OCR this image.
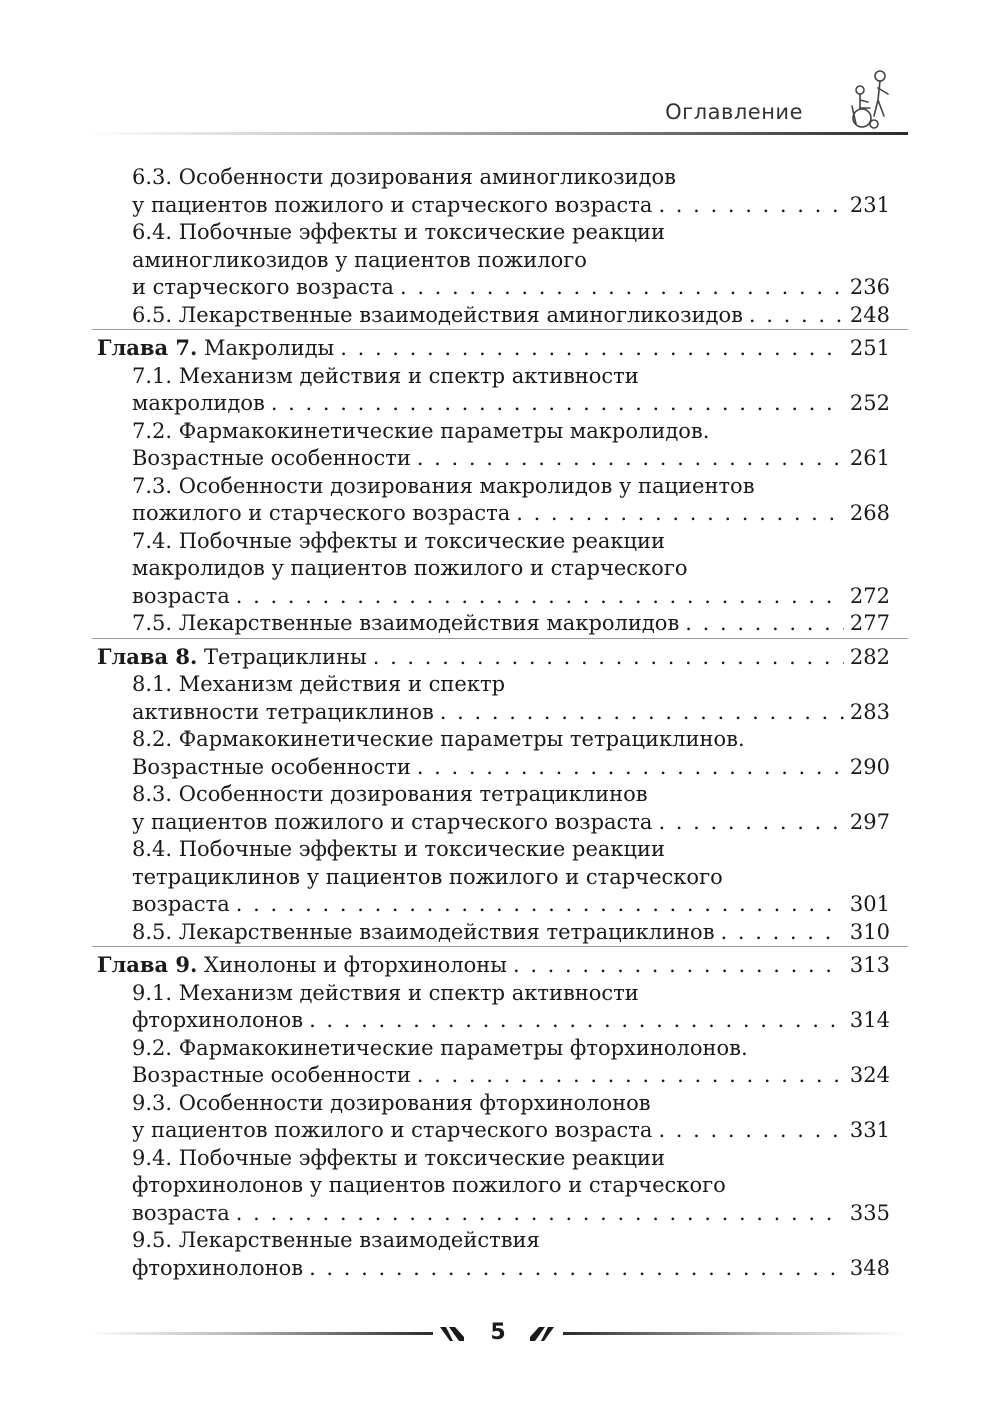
Оглавление
6.3. Особенности дозирования аминогликозидов
у пациентов пожилого и старческого возраста . . .	231
6.4. Побочные эффекты и токсические реакции
аминогликозидов у пациентов пожилого
и старческого возраста . . .	236
6.5. Лекарственные взаимодействия аминогликозидов . . .	248
Глава 7. Макролиды . . .	251
7.1. Механизм действия и спектр активности
макролидов . . .	252
7.2. Фармакокинетические параметры макролидов.
Возрастные особенности . . .	261
7.3. Особенности дозирования макролидов у пациентов
пожилого и старческого возраста . . .	268
7.4. Побочные эффекты и токсические реакции
макролидов у пациентов пожилого и старческого
возраста . . .	272
7.5. Лекарственные взаимодействия макролидов . . .	277
Глава 8. Тетрациклины . . .	282
8.1. Механизм действия и спектр
активности тетрациклинов . . .	283
8.2. Фармакокинетические параметры тетрациклинов.
Возрастные особенности . . .	290
8.3. Особенности дозирования тетрациклинов
у пациентов пожилого и старческого возраста . . .	297
8.4. Побочные эффекты и токсические реакции
тетрациклинов у пациентов пожилого и старческого
возраста . . .	301
8.5. Лекарственные взаимодействия тетрациклинов . . .	310
Глава 9. Хинолоны и фторхинолоны . . .	313
9.1. Механизм действия и спектр активности
фторхинолонов . . .	314
9.2. Фармакокинетические параметры фторхинолонов.
Возрастные особенности . . .	324
9.3. Особенности дозирования фторхинолонов
у пациентов пожилого и старческого возраста . . .	331
9.4. Побочные эффекты и токсические реакции
фторхинолонов у пациентов пожилого и старческого
возраста . . .	335
9.5. Лекарственные взаимодействия
фторхинолонов . . .	348
5
